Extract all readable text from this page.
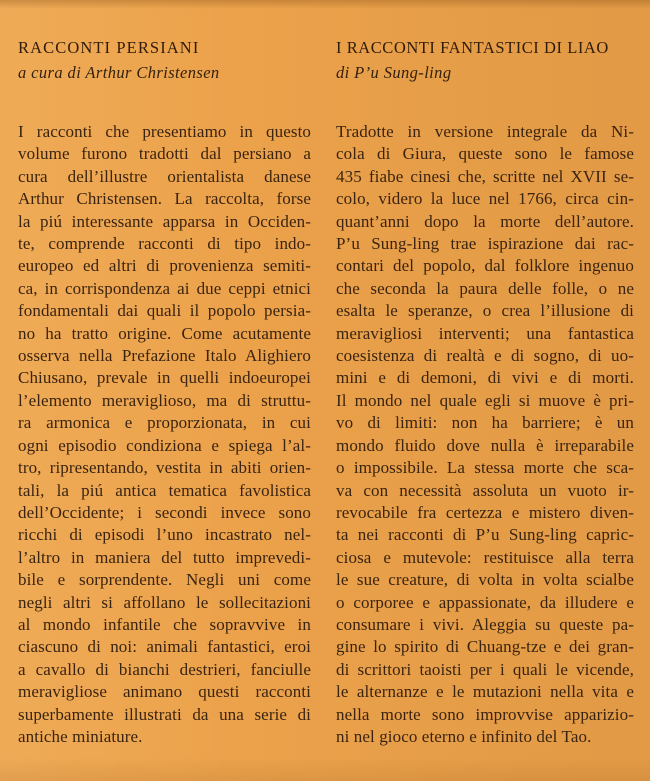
RACCONTI PERSIANI
a cura di Arthur Christensen
I racconti che presentiamo in questo
volume furono tradotti dal persiano a
cura dell’illustre orientalista danese
Arthur Christensen. La raccolta, forse
la piú interessante apparsa in Occiden-
te, comprende racconti di tipo indo-
europeo ed altri di provenienza semiti-
ca, in corrispondenza ai due ceppi etnici
fondamentali dai quali il popolo persia-
no ha tratto origine. Come acutamente
osserva nella Prefazione Italo Alighiero
Chiusano, prevale in quelli indoeuropei
l’elemento meraviglioso, ma di struttu-
ra armonica e proporzionata, in cui
ogni episodio condiziona e spiega l’al-
tro, ripresentando, vestita in abiti orien-
tali, la piú antica tematica favolistica
dell’Occidente; i secondi invece sono
ricchi di episodi l’uno incastrato nel-
l’altro in maniera del tutto imprevedi-
bile e sorprendente. Negli uni come
negli altri si affollano le sollecitazioni
al mondo infantile che sopravvive in
ciascuno di noi: animali fantastici, eroi
a cavallo di bianchi destrieri, fanciulle
meravigliose animano questi racconti
superbamente illustrati da una serie di
antiche miniature.
I RACCONTI FANTASTICI DI LIAO
di P’u Sung-ling
Tradotte in versione integrale da Ni-
cola di Giura, queste sono le famose
435 fiabe cinesi che, scritte nel XVII se-
colo, videro la luce nel 1766, circa cin-
quant’anni dopo la morte dell’autore.
P’u Sung-ling trae ispirazione dai rac-
contari del popolo, dal folklore ingenuo
che seconda la paura delle folle, o ne
esalta le speranze, o crea l’illusione di
meravigliosi interventi; una fantastica
coesistenza di realtà e di sogno, di uo-
mini e di demoni, di vivi e di morti.
Il mondo nel quale egli si muove è pri-
vo di limiti: non ha barriere; è un
mondo fluido dove nulla è irreparabile
o impossibile. La stessa morte che sca-
va con necessità assoluta un vuoto ir-
revocabile fra certezza e mistero diven-
ta nei racconti di P’u Sung-ling capric-
ciosa e mutevole: restituisce alla terra
le sue creature, di volta in volta scialbe
o corporee e appassionate, da illudere e
consumare i vivi. Aleggia su queste pa-
gine lo spirito di Chuang-tze e dei gran-
di scrittori taoisti per i quali le vicende,
le alternanze e le mutazioni nella vita e
nella morte sono improvvise apparizio-
ni nel gioco eterno e infinito del Tao.
